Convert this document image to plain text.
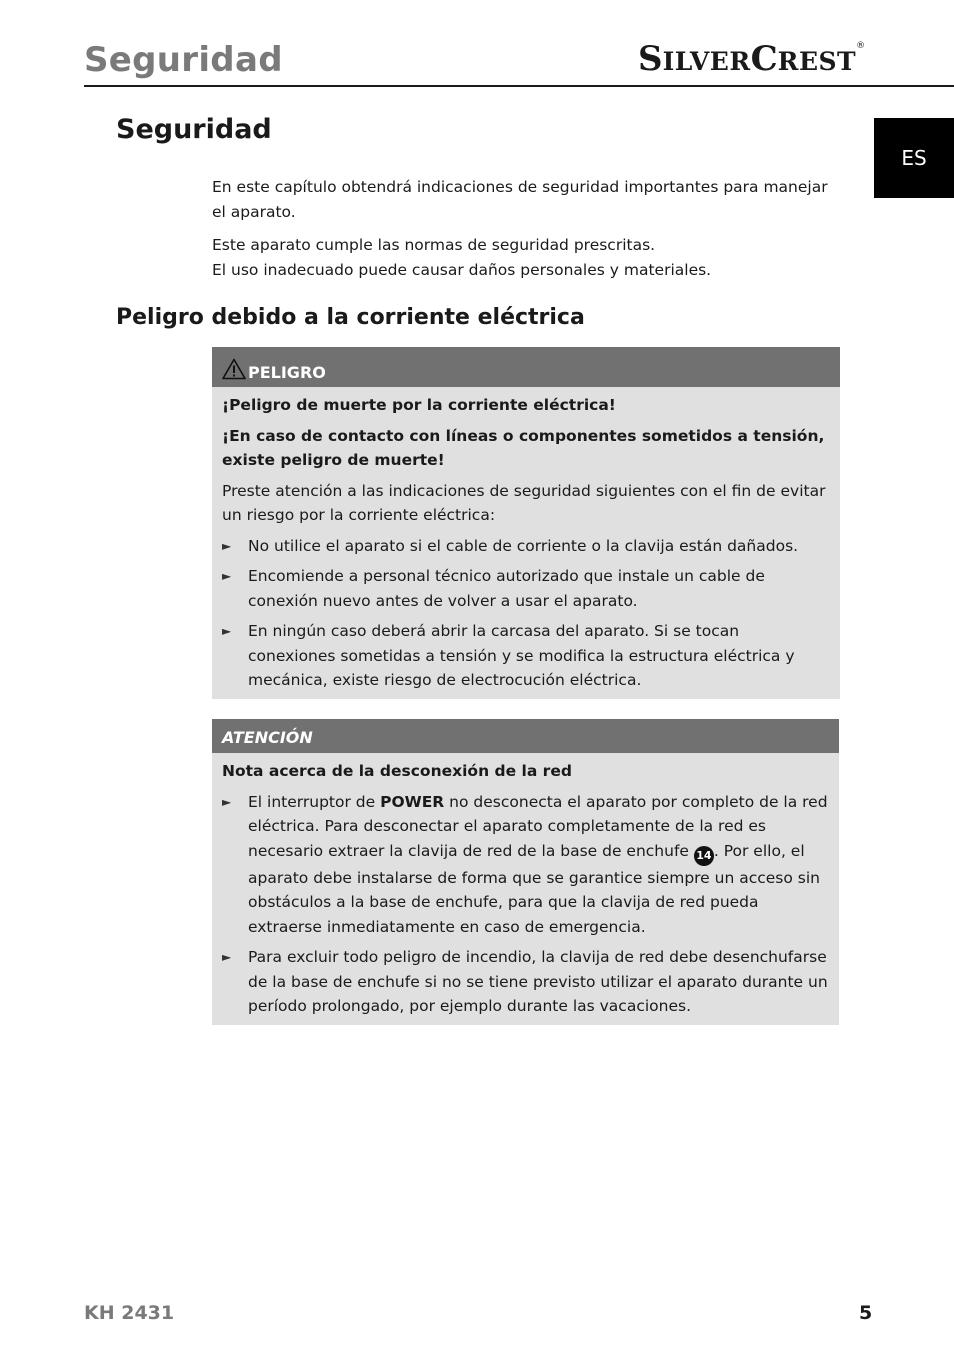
Seguridad	SILVERCREST®
ES
Seguridad

En este capítulo obtendrá indicaciones de seguridad importantes para manejar el aparato.

Este aparato cumple las normas de seguridad prescritas.
El uso inadecuado puede causar daños personales y materiales.

Peligro debido a la corriente eléctrica
PELIGRO

¡Peligro de muerte por la corriente eléctrica!

¡En caso de contacto con líneas o componentes sometidos a tensión, existe peligro de muerte!

Preste atención a las indicaciones de seguridad siguientes con el fin de evitar un riesgo por la corriente eléctrica:

►	No utilice el aparato si el cable de corriente o la clavija están dañados.
►	Encomiende a personal técnico autorizado que instale un cable de conexión nuevo antes de volver a usar el aparato.
►	En ningún caso deberá abrir la carcasa del aparato. Si se tocan conexiones sometidas a tensión y se modifica la estructura eléctrica y mecánica, existe riesgo de electrocución eléctrica.
ATENCIÓN

Nota acerca de la desconexión de la red

►	El interruptor de POWER no desconecta el aparato por completo de la red eléctrica. Para desconectar el aparato completamente de la red es necesario extraer la clavija de red de la base de enchufe 14 . Por ello, el aparato debe instalarse de forma que se garantice siempre un acceso sin obstáculos a la base de enchufe, para que la clavija de red pueda extraerse inmediatamente en caso de emergencia.
►	Para excluir todo peligro de incendio, la clavija de red debe desenchufarse de la base de enchufe si no se tiene previsto utilizar el aparato durante un período prolongado, por ejemplo durante las vacaciones.
KH 2431	5
